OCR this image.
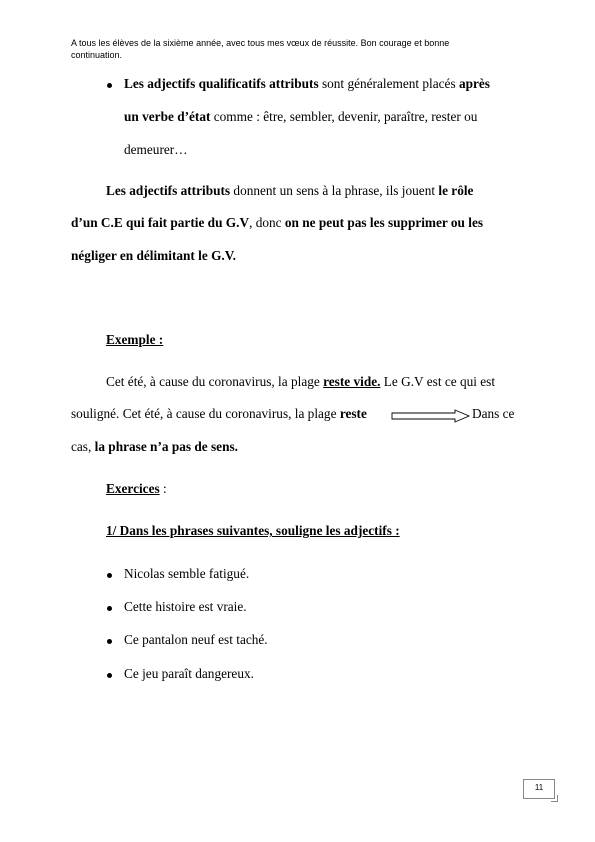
A tous les élèves de la sixième année, avec tous mes vœux de réussite. Bon courage et bonne
continuation.
Les adjectifs qualificatifs attributs sont généralement placés après
un verbe d’état comme : être, sembler, devenir, paraître, rester ou
demeurer…
Les adjectifs attributs donnent un sens à la phrase, ils jouent le rôle
d’un C.E qui fait partie du G.V, donc on ne peut pas les supprimer ou les
négliger en délimitant le G.V.
Exemple :
Cet été, à cause du coronavirus, la plage reste vide. Le G.V est ce qui est
souligné. Cet été, à cause du coronavirus, la plage reste	Dans ce
cas, la phrase n’a pas de sens.
Exercices :
1/ Dans les phrases suivantes, souligne les adjectifs :
Nicolas semble fatigué.
Cette histoire est vraie.
Ce pantalon neuf est taché.
Ce jeu paraît dangereux.
11
